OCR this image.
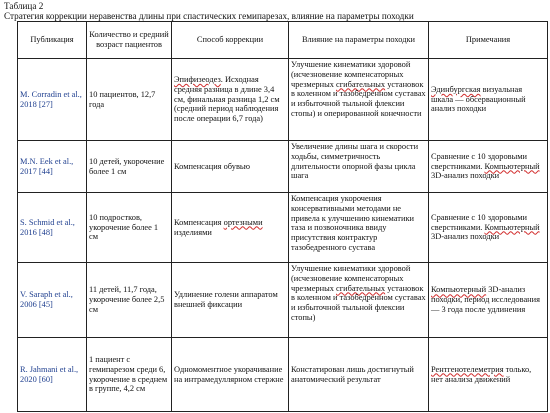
Таблица 2
Стратегия коррекции неравенства длины при спастических гемипарезах, влияние на параметры походки
Публикация	Количество и средний возраст пациентов	Способ коррекции	Влияние на параметры походки	Примечания
M. Corradin et al., 2018 [27]	10 пациентов, 12,7 года	Эпифизеодез. Исходная средняя разница в длине 3,4 см, финальная разница 1,2 см (средний период наблюдения после операции 6,7 года)	Улучшение кинематики здоровой (исчезновение компенсаторных чрезмерных сгибательных установок в коленном и тазобедренном суставах и избыточной тыльной флексии стопы) и оперированной конечности	Эдинбургская визуальная шкала — обсервационный анализ походки
M.N. Eek et al., 2017 [44]	10 детей, укорочение более 1 см	Компенсация обувью	Увеличение длины шага и скорости ходьбы, симметричность длительности опорной фазы цикла шага	Сравнение с 10 здоровыми сверстниками. Компьютерный 3D-анализ походки
S. Schmid et al., 2016 [48]	10 подростков, укорочение более 1 см	Компенсация ортезными изделиями	Компенсация укорочения консервативными методами не привела к улучшению кинематики таза и позвоночника ввиду присутствия контрактур тазобедренного сустава	Сравнение с 10 здоровыми сверстниками. Компьютерный 3D-анализ походки
V. Saraph et al., 2006 [45]	11 детей, 11,7 года, укорочение более 2,5 см	Удлинение голени аппаратом внешней фиксации	Улучшение кинематики здоровой (исчезновение компенсаторных чрезмерных сгибательных установок в коленном и тазобедренном суставах и избыточной тыльной флексии стопы)	Компьютерный 3D-анализ походки, период исследования — 3 года после удлинения
R. Jahmani et al., 2020 [60]	1 пациент с гемипарезом среди 6, укорочение в среднем в группе, 4,2 см	Одномоментное укорачивание на интрамедуллярном стержне	Констатирован лишь достигнутый анатомический результат	Рентгенотелеметрия только, нет анализа движений
